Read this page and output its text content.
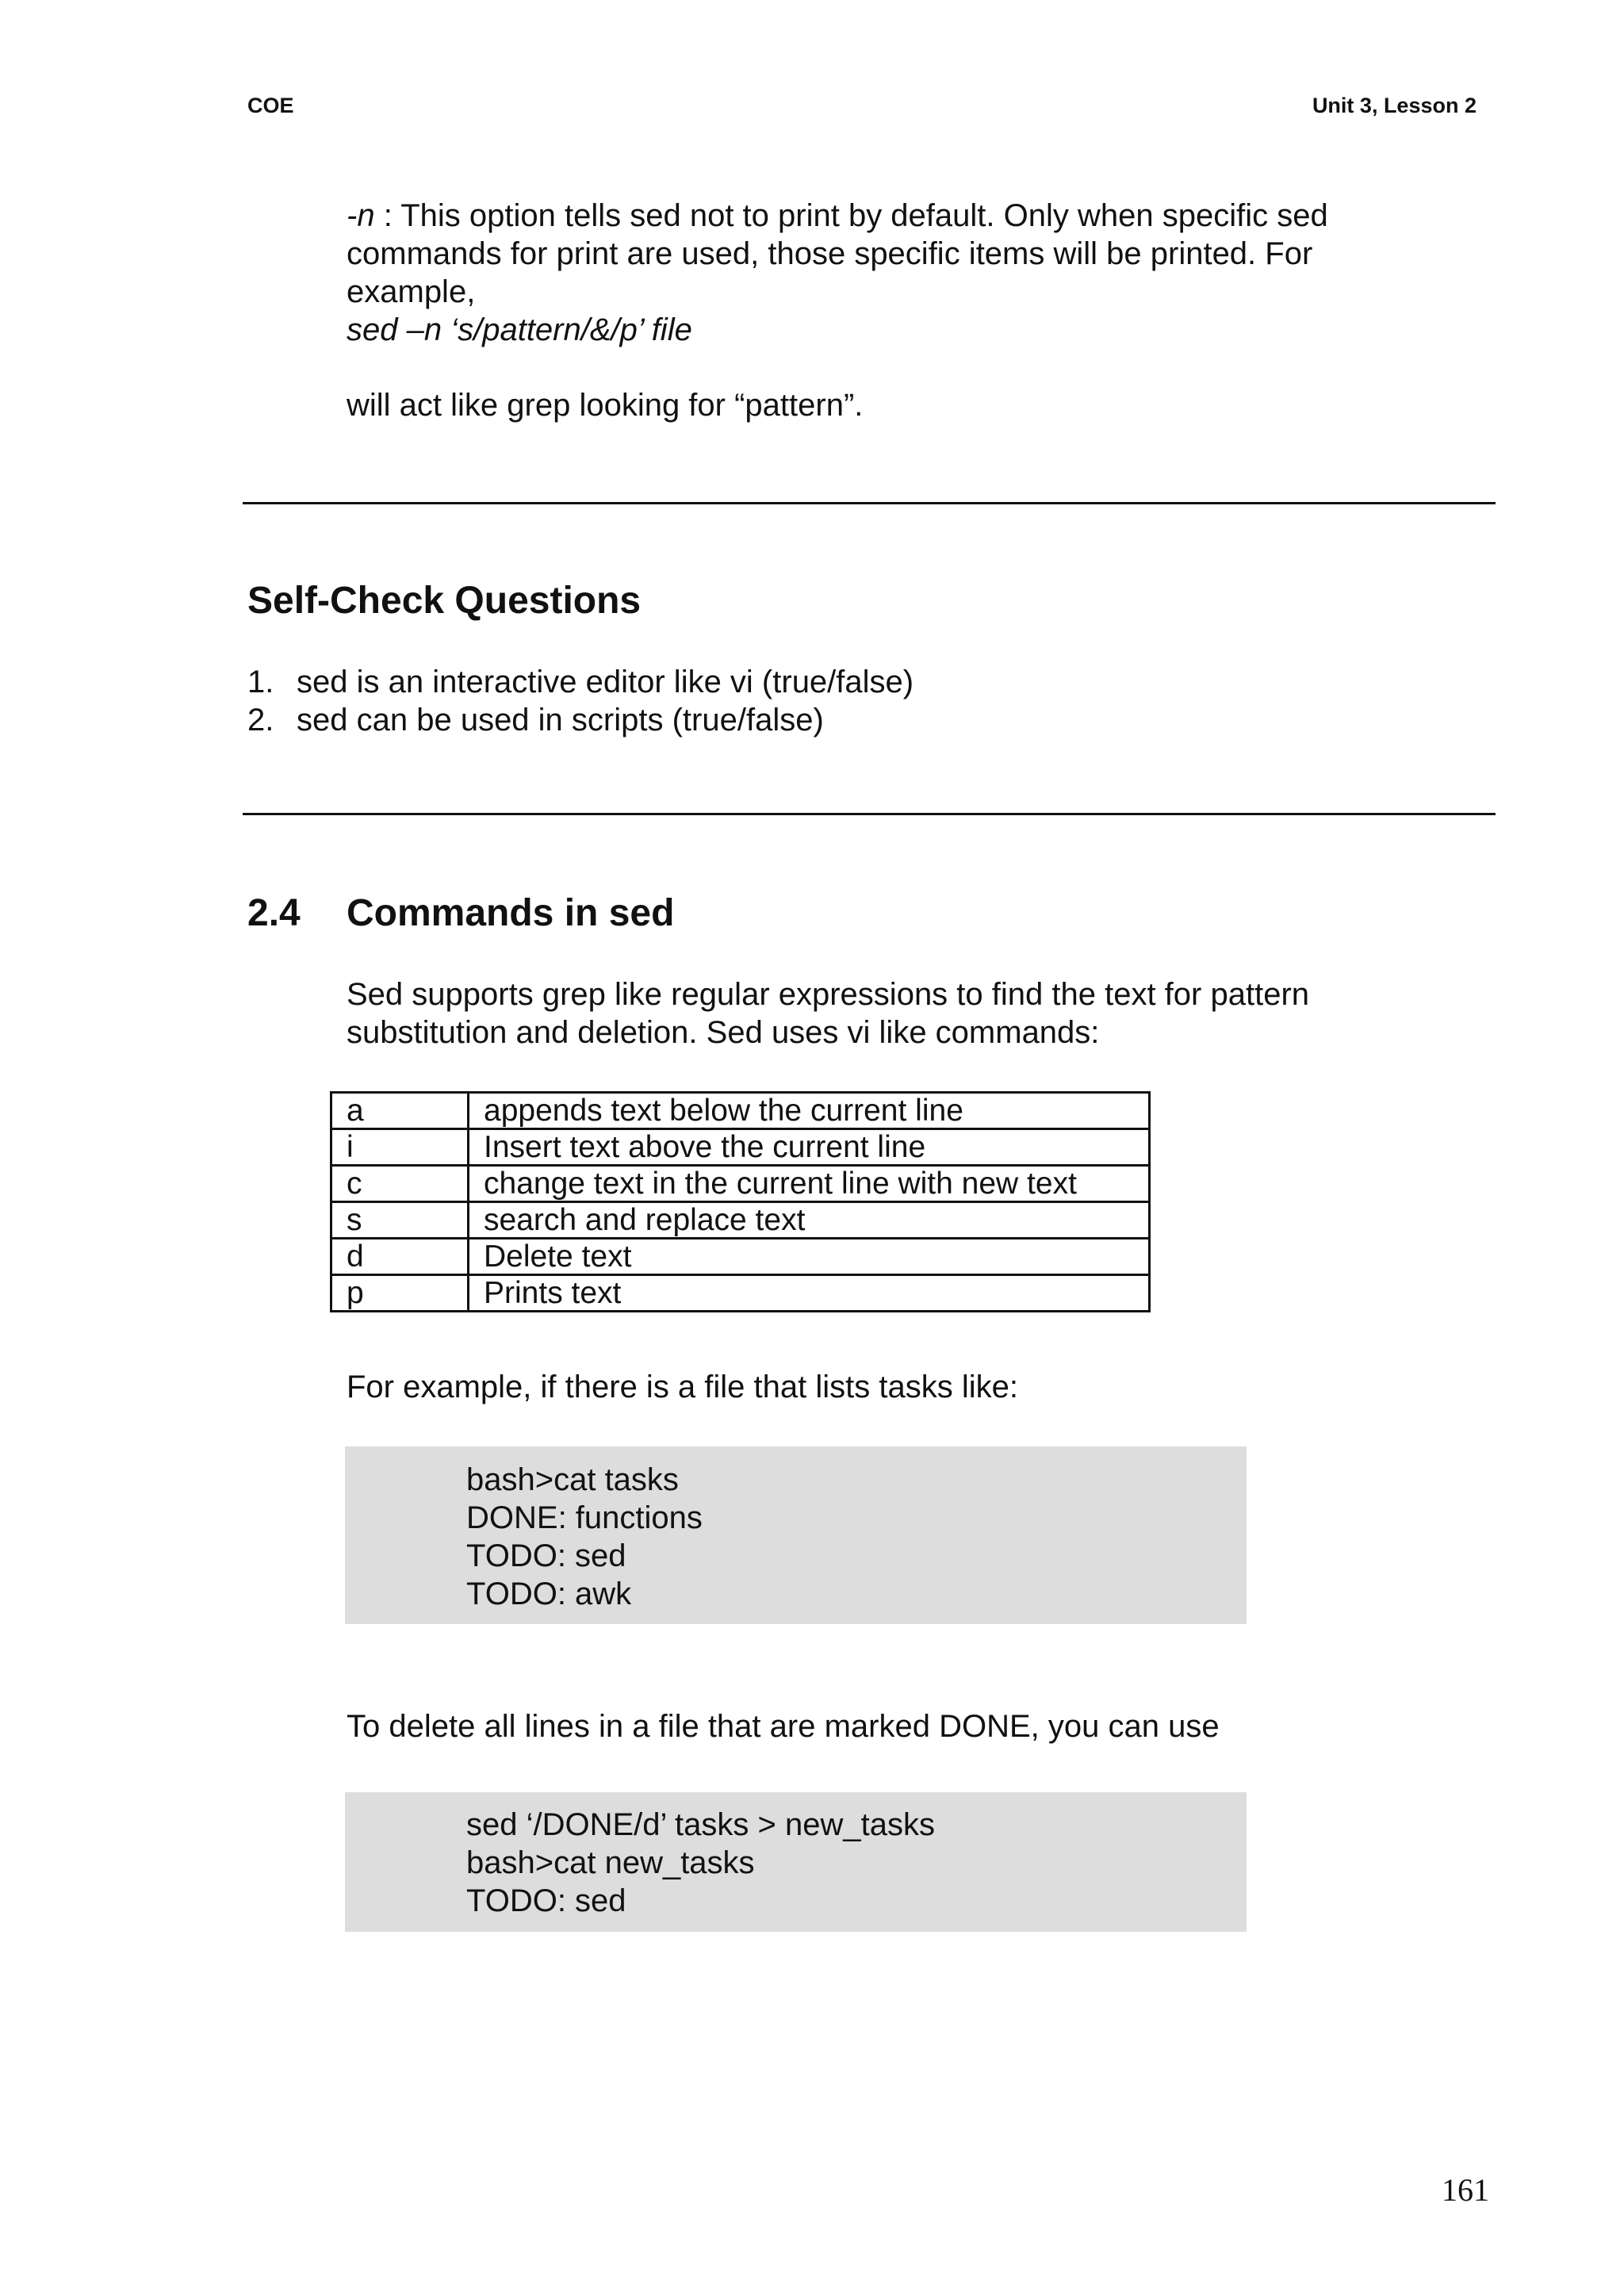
COE	Unit 3, Lesson 2
-n : This option tells sed not to print by default. Only when specific sed
commands for print are used, those specific items will be printed. For
example,
sed –n ‘s/pattern/&/p’ file
will act like grep looking for “pattern”.
Self-Check Questions
1. sed is an interactive editor like vi (true/false)
2. sed can be used in scripts (true/false)
2.4 Commands in sed
Sed supports grep like regular expressions to find the text for pattern
substitution and deletion. Sed uses vi like commands:
a	appends text below the current line
i	Insert text above the current line
c	change text in the current line with new text
s	search and replace text
d	Delete text
p	Prints text
For example, if there is a file that lists tasks like:
bash>cat tasks
DONE: functions
TODO: sed
TODO: awk
To delete all lines in a file that are marked DONE, you can use
sed ‘/DONE/d’ tasks > new_tasks
bash>cat new_tasks
TODO: sed
161
